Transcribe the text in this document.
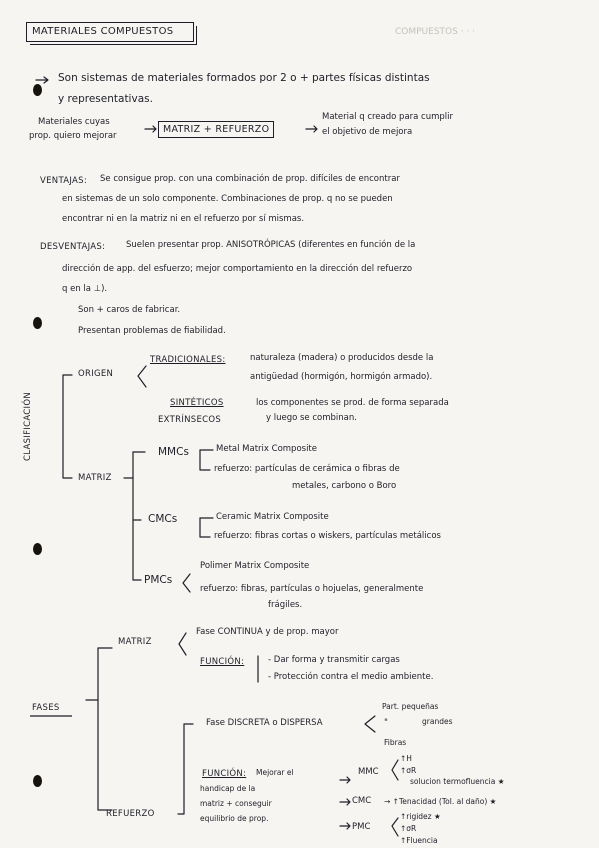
COMPUESTOS · · ·
MATERIALES COMPUESTOS
Son sistemas de materiales formados por 2 o + partes físicas distintas
y representativas.
Materiales cuyas
prop. quiero mejorar
MATRIZ + REFUERZO
Material q creado para cumplir
el objetivo de mejora
VENTAJAS: Se consigue prop. con una combinación de prop. difíciles de encontrar
en sistemas de un solo componente. Combinaciones de prop. q no se pueden
encontrar ni en la matriz ni en el refuerzo por sí mismas.
DESVENTAJAS: Suelen presentar prop. ANISOTRÓPICAS (diferentes en función de la
dirección de app. del esfuerzo; mejor comportamiento en la dirección del refuerzo
q en la ⊥).
Son + caros de fabricar.
Presentan problemas de fiabilidad.
CLASIFICACIÓN
ORIGEN
TRADICIONALES:	naturaleza (madera) o producidos desde la
antigüedad (hormigón, hormigón armado).
SINTÉTICOS
EXTRÍNSECOS
los componentes se prod. de forma separada
y luego se combinan.
MATRIZ
MMCs	Metal Matrix Composite
refuerzo: partículas de cerámica o fibras de
metales, carbono o Boro
CMCs	Ceramic Matrix Composite
refuerzo: fibras cortas o wiskers, partículas metálicos
PMCs
Polimer Matrix Composite
refuerzo: fibras, partículas o hojuelas, generalmente
frágiles.
FASES
MATRIZ
Fase CONTINUA y de prop. mayor
FUNCIÓN:	- Dar forma y transmitir cargas
- Protección contra el medio ambiente.
REFUERZO
Fase DISCRETA o DISPERSA
Part. pequeñas
"	grandes
Fibras
FUNCIÓN: Mejorar el
handicap de la
matriz + conseguir
equilibrio de prop.
MMC
↑H
↑σR
solucion termofluencia ★
CMC → ↑Tenacidad (Tol. al daño) ★
PMC
↑rigidez ★
↑σR
↑Fluencia
